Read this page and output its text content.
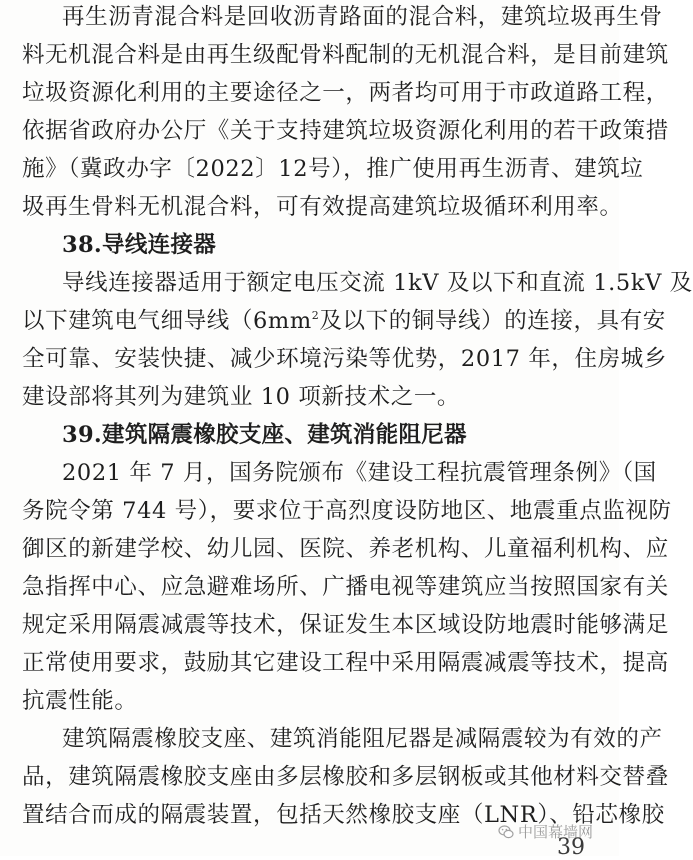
再生沥青混合料是回收沥青路面的混合料，建筑垃圾再生骨
料无机混合料是由再生级配骨料配制的无机混合料，是目前建筑
垃圾资源化利用的主要途径之一，两者均可用于市政道路工程，
依据省政府办公厅《关于支持建筑垃圾资源化利用的若干政策措
施》（冀政办字〔2022〕12号），推广使用再生沥青、建筑垃
圾再生骨料无机混合料，可有效提高建筑垃圾循环利用率。
38.导线连接器
导线连接器适用于额定电压交流 1kV 及以下和直流 1.5kV 及
以下建筑电气细导线（$6mm^2$及以下的铜导线）的连接，具有安
全可靠、安装快捷、减少环境污染等优势，2017 年，住房城乡
建设部将其列为建筑业 10 项新技术之一。
39.建筑隔震橡胶支座、建筑消能阻尼器
2021 年 7 月，国务院颁布《建设工程抗震管理条例》（国
务院令第 744 号），要求位于高烈度设防地区、地震重点监视防
御区的新建学校、幼儿园、医院、养老机构、儿童福利机构、应
急指挥中心、应急避难场所、广播电视等建筑应当按照国家有关
规定采用隔震减震等技术，保证发生本区域设防地震时能够满足
正常使用要求，鼓励其它建设工程中采用隔震减震等技术，提高
抗震性能。
建筑隔震橡胶支座、建筑消能阻尼器是减隔震较为有效的产
品，建筑隔震橡胶支座由多层橡胶和多层钢板或其他材料交替叠
置结合而成的隔震装置，包括天然橡胶支座（LNR）、铅芯橡胶
中国幕墙网
39
